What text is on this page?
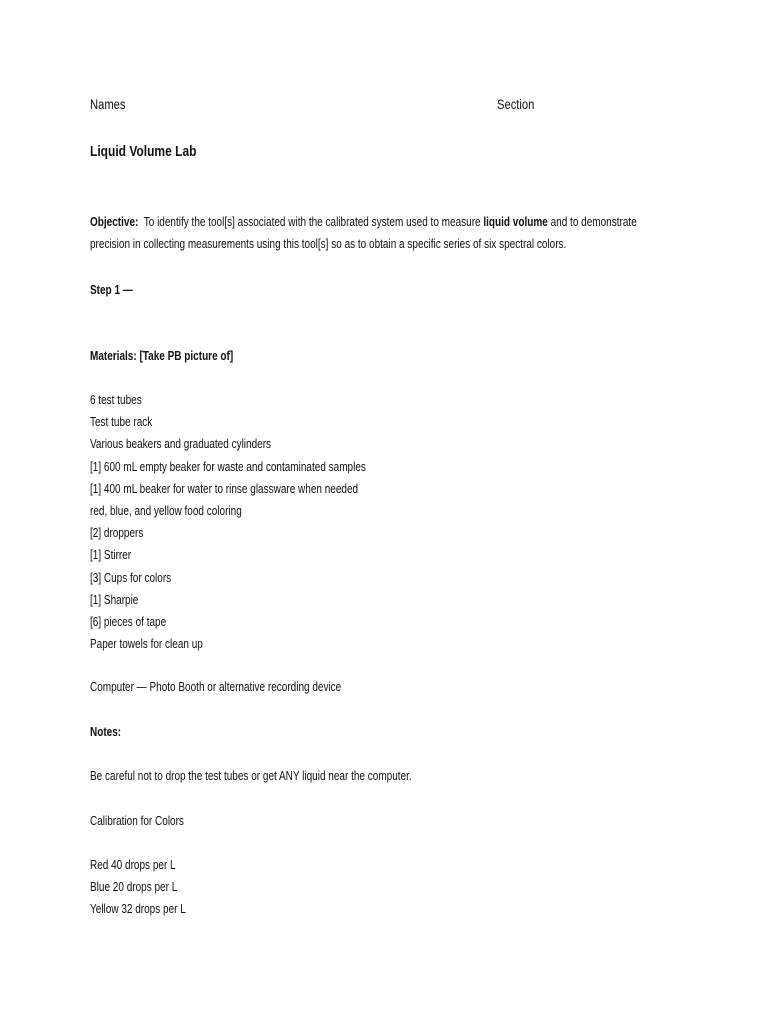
Names	Section
Liquid Volume Lab
Objective:  To identify the tool[s] associated with the calibrated system used to measure liquid volume and to demonstrate
precision in collecting measurements using this tool[s] so as to obtain a specific series of six spectral colors.
Step 1 —
Materials: [Take PB picture of]
6 test tubes
Test tube rack
Various beakers and graduated cylinders
[1] 600 mL empty beaker for waste and contaminated samples
[1] 400 mL beaker for water to rinse glassware when needed
red, blue, and yellow food coloring
[2] droppers
[1] Stirrer
[3] Cups for colors
[1] Sharpie
[6] pieces of tape
Paper towels for clean up
Computer — Photo Booth or alternative recording device
Notes:
Be careful not to drop the test tubes or get ANY liquid near the computer.
Calibration for Colors
Red 40 drops per L
Blue 20 drops per L
Yellow 32 drops per L
